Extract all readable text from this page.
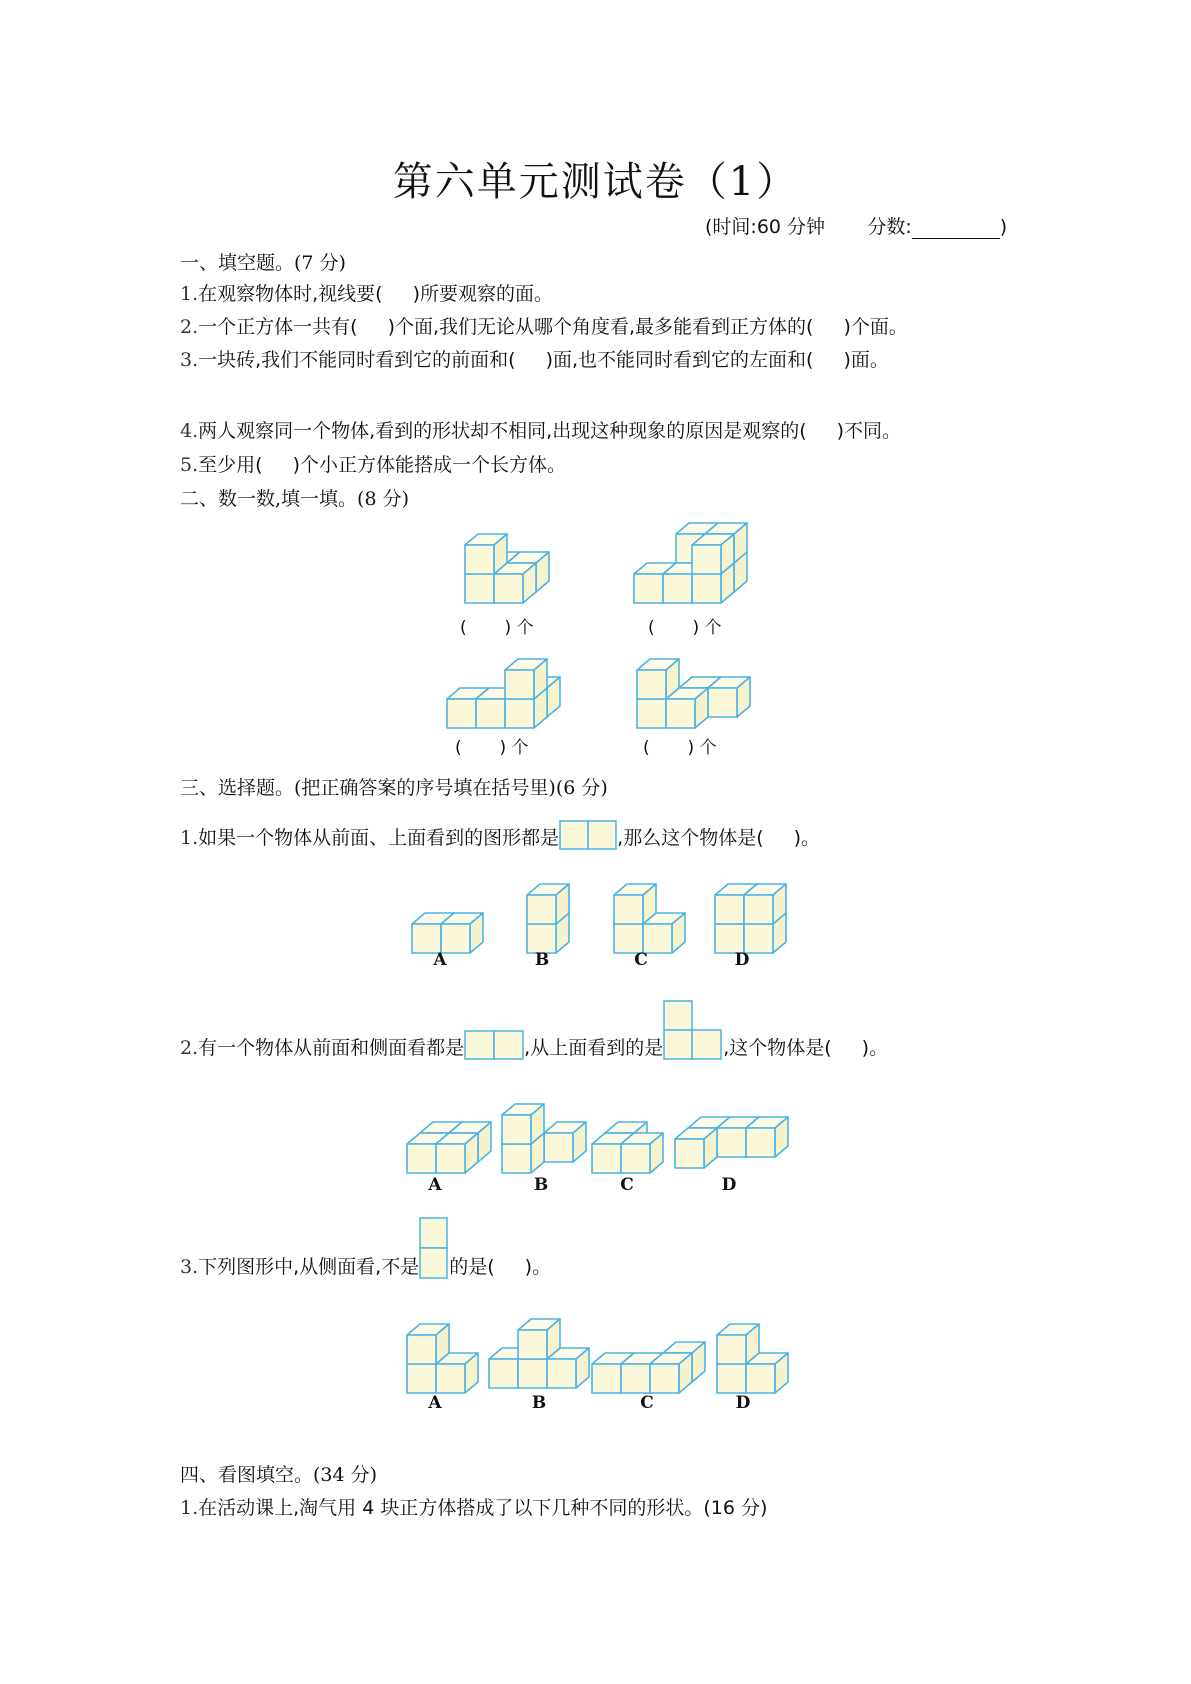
第六单元测试卷（1）
(时间:60 分钟 分数:	)
一、填空题。(7 分)
1.在观察物体时,视线要( )所要观察的面。
2.一个正方体一共有( )个面,我们无论从哪个角度看,最多能看到正方体的( )个面。
3.一块砖,我们不能同时看到它的前面和( )面,也不能同时看到它的左面和( )面。
4.两人观察同一个物体,看到的形状却不相同,出现这种现象的原因是观察的( )不同。
5.至少用( )个小正方体能搭成一个长方体。
二、数一数,填一填。(8 分)
(       ) 个	(       ) 个
(       ) 个	(       ) 个
三、选择题。(把正确答案的序号填在括号里)(6 分)
1.如果一个物体从前面、上面看到的图形都是	,那么这个物体是( )。
A	B	C	D
2.有一个物体从前面和侧面看都是	,从上面看到的是	,这个物体是( )。
A	B	C	D
3.下列图形中,从侧面看,不是 的是( )。
A	B	C	D
四、看图填空。(34 分)
1.在活动课上,淘气用 4 块正方体搭成了以下几种不同的形状。(16 分)
